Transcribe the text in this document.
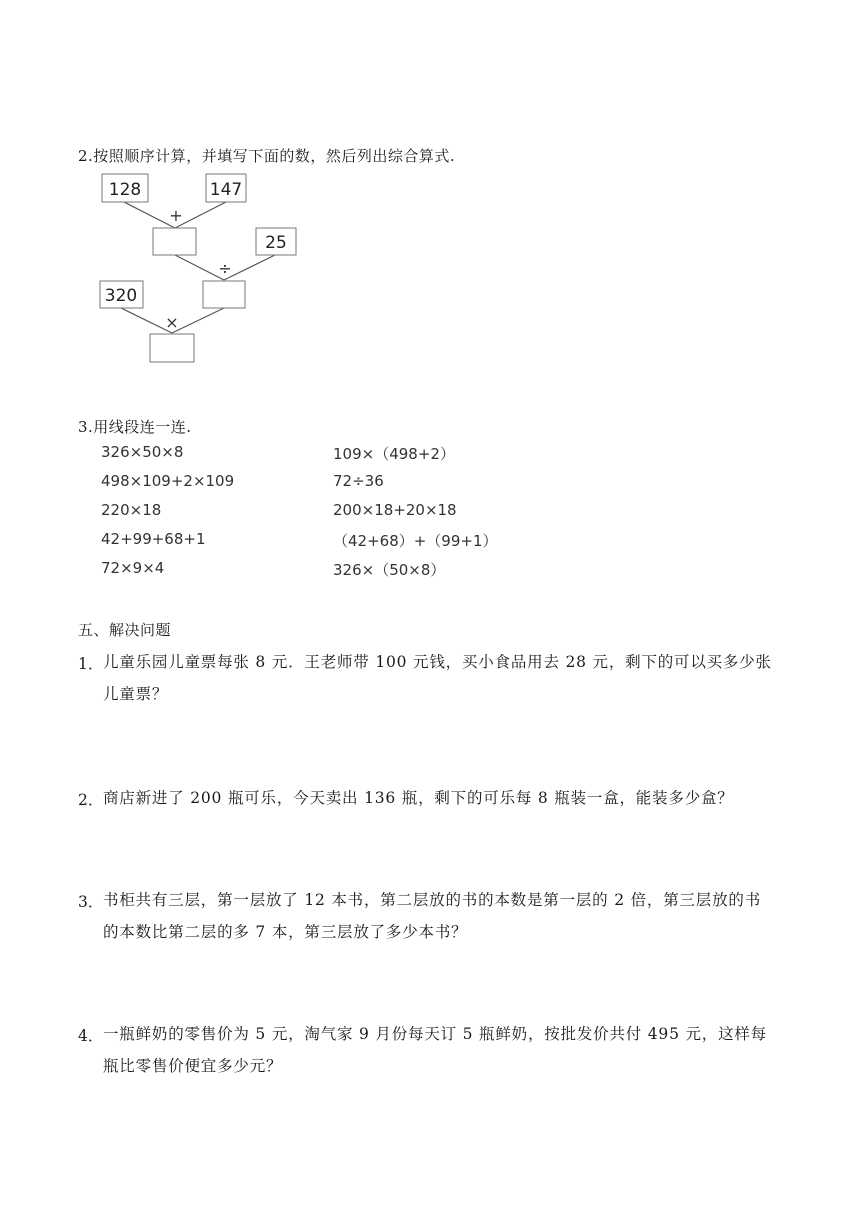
2.按照顺序计算，并填写下面的数，然后列出综合算式.
128	147
25
320
+
÷
×
3.用线段连一连.
326×50×8
498×109+2×109
220×18
42+99+68+1
72×9×4
109×（498+2）
72÷36
200×18+20×18
（42+68）+（99+1）
326×（50×8）
五、解决问题
1． 儿童乐园儿童票每张 8 元．王老师带 100 元钱，买小食品用去 28 元，剩下的可以买多少张
儿童票？
2． 商店新进了 200 瓶可乐，今天卖出 136 瓶，剩下的可乐每 8 瓶装一盒，能装多少盒？
3． 书柜共有三层，第一层放了 12 本书，第二层放的书的本数是第一层的 2 倍，第三层放的书
的本数比第二层的多 7 本，第三层放了多少本书？
4． 一瓶鲜奶的零售价为 5 元，淘气家 9 月份每天订 5 瓶鲜奶，按批发价共付 495 元，这样每
瓶比零售价便宜多少元？
